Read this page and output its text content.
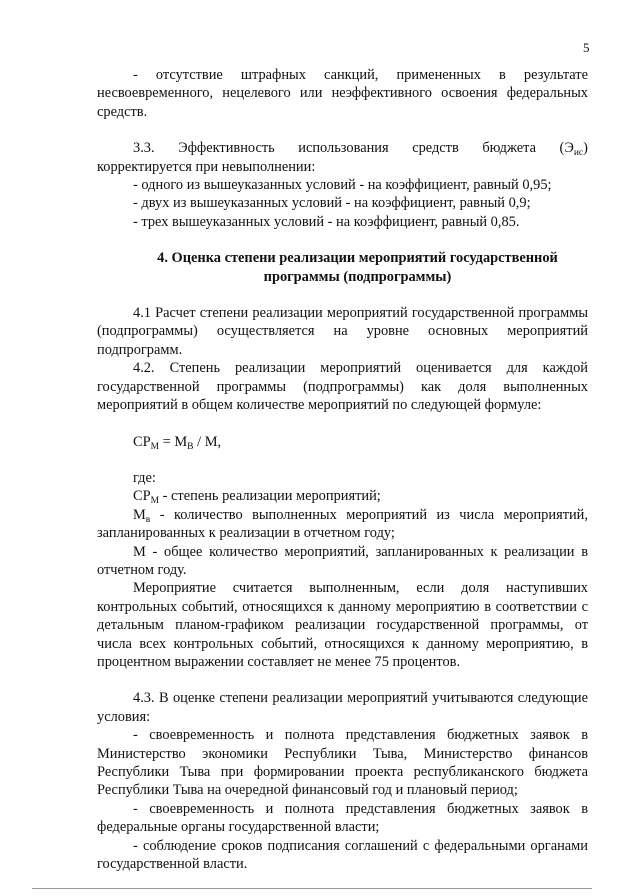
5

- отсутствие штрафных санкций, примененных в результате несвоевременного, нецелевого или неэффективного освоения федеральных средств.

3.3. Эффективность использования средств бюджета $(Э_{ис})$

корректируется при невыполнении:

- одного из вышеуказанных условий - на коэффициент, равный 0,95;

- двух из вышеуказанных условий - на коэффициент, равный 0,9;

- трех вышеуказанных условий - на коэффициент, равный 0,85.

4. Оценка степени реализации мероприятий государственной

программы (подпрограммы)

4.1 Расчет степени реализации мероприятий государственной программы (подпрограммы) осуществляется на уровне основных мероприятий подпрограмм.

4.2. Степень реализации мероприятий оценивается для каждой государственной программы (подпрограммы) как доля выполненных мероприятий в общем количестве мероприятий по следующей формуле:

$СР_М = М_В / М$,

где:

$СР_М$ - степень реализации мероприятий;

$М_в$ - количество выполненных мероприятий из числа мероприятий, запланированных к реализации в отчетном году;

М - общее количество мероприятий, запланированных к реализации в отчетном году.

Мероприятие считается выполненным, если доля наступивших контрольных событий, относящихся к данному мероприятию в соответствии с детальным планом-графиком реализации государственной программы, от числа всех контрольных событий, относящихся к данному мероприятию, в процентном выражении составляет не менее 75 процентов.

4.3. В оценке степени реализации мероприятий учитываются следующие условия:

- своевременность и полнота представления бюджетных заявок в Министерство экономики Республики Тыва, Министерство финансов Республики Тыва при формировании проекта республиканского бюджета Республики Тыва на очередной финансовый год и плановый период;

- своевременность и полнота представления бюджетных заявок в федеральные органы государственной власти;

- соблюдение сроков подписания соглашений с федеральными органами государственной власти.
